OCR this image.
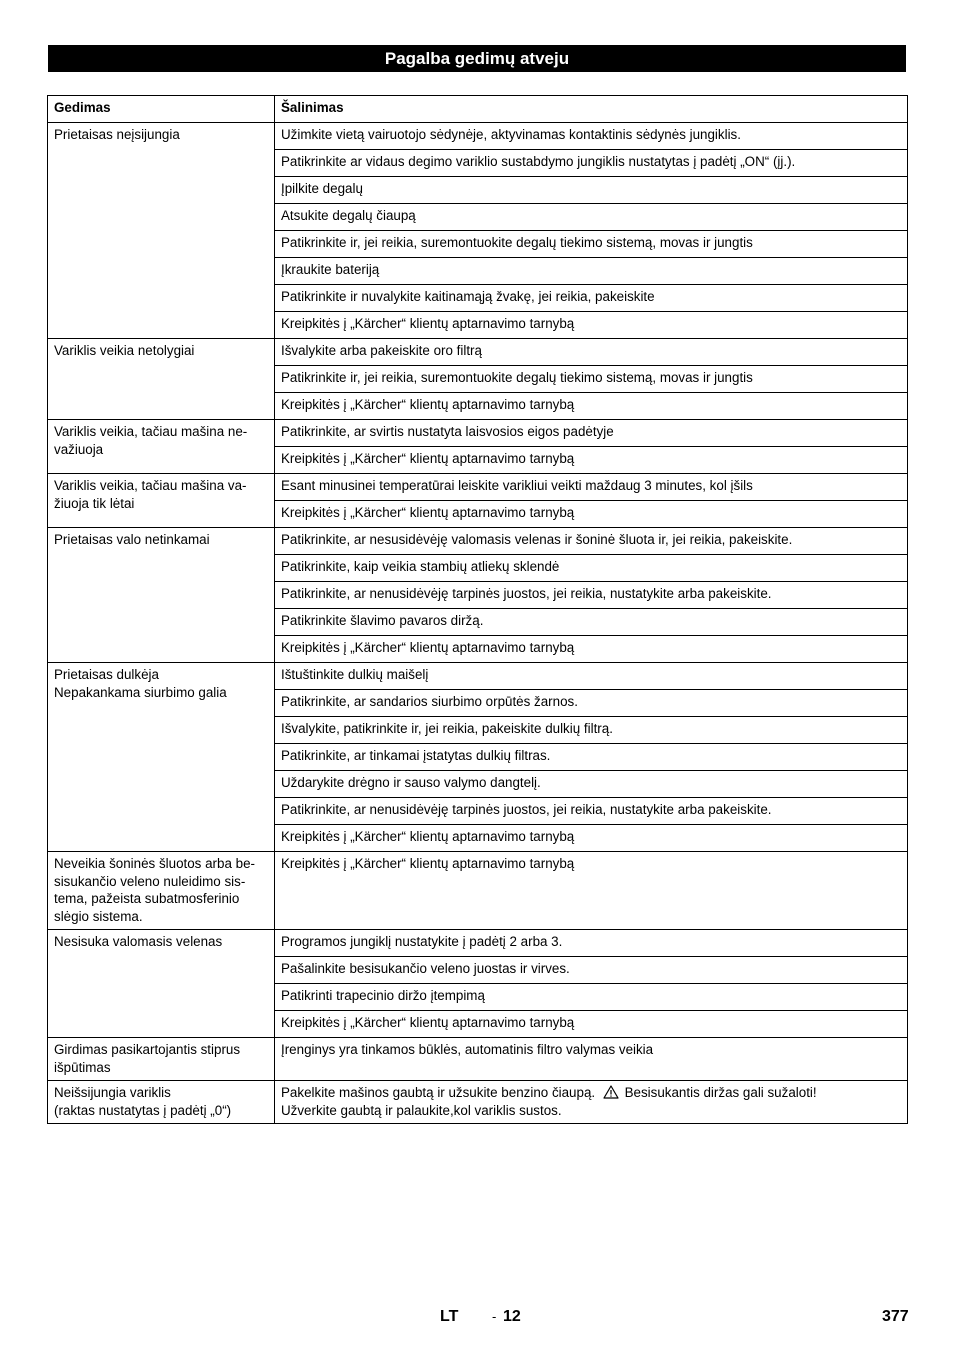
Pagalba gedimų atveju
Gedimas	Šalinimas
Prietaisas neįsijungia	Užimkite vietą vairuotojo sėdynėje, aktyvinamas kontaktinis sėdynės jungiklis.
	Patikrinkite ar vidaus degimo variklio sustabdymo jungiklis nustatytas į padėtį „ON“ (įj.).
	Įpilkite degalų
	Atsukite degalų čiaupą
	Patikrinkite ir, jei reikia, suremontuokite degalų tiekimo sistemą, movas ir jungtis
	Įkraukite bateriją
	Patikrinkite ir nuvalykite kaitinamąją žvakę, jei reikia, pakeiskite
	Kreipkitės į „Kärcher“ klientų aptarnavimo tarnybą
Variklis veikia netolygiai	Išvalykite arba pakeiskite oro filtrą
	Patikrinkite ir, jei reikia, suremontuokite degalų tiekimo sistemą, movas ir jungtis
	Kreipkitės į „Kärcher“ klientų aptarnavimo tarnybą
Variklis veikia, tačiau mašina ne-
važiuoja	Patikrinkite, ar svirtis nustatyta laisvosios eigos padėtyje
	Kreipkitės į „Kärcher“ klientų aptarnavimo tarnybą
Variklis veikia, tačiau mašina va-
žiuoja tik lėtai	Esant minusinei temperatūrai leiskite varikliui veikti maždaug 3 minutes, kol įšils
	Kreipkitės į „Kärcher“ klientų aptarnavimo tarnybą
Prietaisas valo netinkamai	Patikrinkite, ar nesusidėvėję valomasis velenas ir šoninė šluota ir, jei reikia, pakeiskite.
	Patikrinkite, kaip veikia stambių atliekų sklendė
	Patikrinkite, ar nenusidėvėję tarpinės juostos, jei reikia, nustatykite arba pakeiskite.
	Patikrinkite šlavimo pavaros diržą.
	Kreipkitės į „Kärcher“ klientų aptarnavimo tarnybą
Prietaisas dulkėja
Nepakankama siurbimo galia	Ištuštinkite dulkių maišelį
	Patikrinkite, ar sandarios siurbimo orpūtės žarnos.
	Išvalykite, patikrinkite ir, jei reikia, pakeiskite dulkių filtrą.
	Patikrinkite, ar tinkamai įstatytas dulkių filtras.
	Uždarykite drėgno ir sauso valymo dangtelį.
	Patikrinkite, ar nenusidėvėję tarpinės juostos, jei reikia, nustatykite arba pakeiskite.
	Kreipkitės į „Kärcher“ klientų aptarnavimo tarnybą
Neveikia šoninės šluotos arba be-
sisukančio veleno nuleidimo sis-
tema, pažeista subatmosferinio
slėgio sistema.	Kreipkitės į „Kärcher“ klientų aptarnavimo tarnybą
Nesisuka valomasis velenas	Programos jungiklį nustatykite į padėtį 2 arba 3.
	Pašalinkite besisukančio veleno juostas ir virves.
	Patikrinti trapecinio diržo įtempimą
	Kreipkitės į „Kärcher“ klientų aptarnavimo tarnybą
Girdimas pasikartojantis stiprus
išpūtimas	Įrenginys yra tinkamos būklės, automatinis filtro valymas veikia
Neišsijungia variklis
(raktas nustatytas į padėtį „0“)	Pakelkite mašinos gaubtą ir užsukite benzino čiaupą. Besisukantis diržas gali sužaloti!
Užverkite gaubtą ir palaukite,kol variklis sustos.
LT	- 12	377
